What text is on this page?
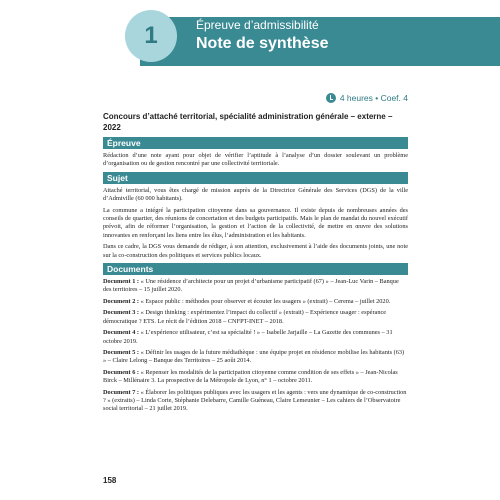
1	Épreuve d’admissibilité
Note de synthèse
4 heures • Coef. 4
Concours d’attaché territorial, spécialité administration générale – externe – 2022
Épreuve

Rédaction d’une note ayant pour objet de vérifier l’aptitude à l’analyse d’un dossier soulevant un problème d’organisation ou de gestion rencontré par une collectivité territoriale.

Sujet

Attaché territorial, vous êtes chargé de mission auprès de la Directrice Générale des Services (DGS) de la ville d’Admiville (60 000 habitants).

La commune a intégré la participation citoyenne dans sa gouvernance. Il existe depuis de nombreuses années des conseils de quartier, des réunions de concertation et des budgets participatifs. Mais le plan de mandat du nouvel exécutif prévoit, afin de réformer l’organisation, la gestion et l’action de la collectivité, de mettre en œuvre des solutions innovantes en renforçant les liens entre les élus, l’administration et les habitants.

Dans ce cadre, la DGS vous demande de rédiger, à son attention, exclusivement à l’aide des documents joints, une note sur la co-construction des politiques et services publics locaux.

Documents
Document 1 : « Une résidence d’architecte pour un projet d’urbanisme participatif (67) » – Jean-Luc Varin – Banque des territoires – 15 juillet 2020.
Document 2 : « Espace public : méthodes pour observer et écouter les usagers » (extrait) – Cerema – juillet 2020.
Document 3 : « Design thinking : expérimentez l’impact du collectif » (extrait) – Expérience usager : espérance démocratique ? ETS. Le récit de l’édition 2018 – CNFPT-INET – 2018.
Document 4 : « L’expérience utilisateur, c’est sa spécialité ! » – Isabelle Jarjaille – La Gazette des communes – 31 octobre 2019.
Document 5 : « Définir les usages de la future médiathèque : une équipe projet en résidence mobilise les habitants (63) » – Claire Lelong – Banque des Territoires – 25 août 2014.
Document 6 : « Repenser les modalités de la participation citoyenne comme condition de ses effets » – Jean-Nicolas Birck – Millénaire 3. La prospective de la Métropole de Lyon, n° 1 – octobre 2011.
Document 7 : « Élaborer les politiques publiques avec les usagers et les agents : vers une dynamique de co-construction ? » (extraits) – Linda Corte, Stéphanie Delebarre, Camille Guéneau, Claire Lemeunier – Les cahiers de l’Observatoire social territorial – 21 juillet 2019.
158
